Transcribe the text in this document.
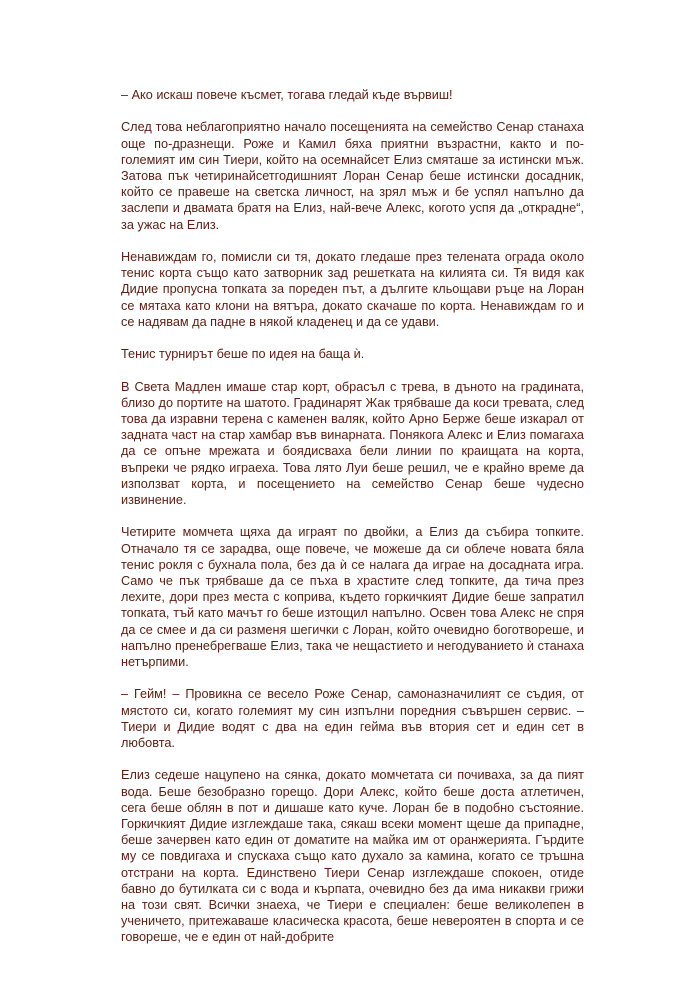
– Ако искаш повече късмет, тогава гледай къде вървиш!

След това неблагоприятно начало посещенията на семейство Сенар станаха още по-дразнещи. Роже и Камил бяха приятни възрастни, както и по-големият им син Тиери, който на осемнайсет Елиз смяташе за истински мъж. Затова пък четиринайсетгодишният Лоран Сенар беше истински досадник, който се правеше на светска личност, на зрял мъж и бе успял напълно да заслепи и двамата братя на Елиз, най-вече Алекс, когото успя да „открадне“, за ужас на Елиз.

Ненавиждам го, помисли си тя, докато гледаше през телената ограда около тенис корта също като затворник зад решетката на килията си. Тя видя как Дидие пропусна топката за пореден път, а дългите кльощави ръце на Лоран се мятаха като клони на вятъра, докато скачаше по корта. Ненавиждам го и се надявам да падне в някой кладенец и да се удави.

Тенис турнирът беше по идея на баща ѝ.

В Света Мадлен имаше стар корт, обрасъл с трева, в дъното на градината, близо до портите на шатото. Градинарят Жак трябваше да коси тревата, след това да изравни терена с каменен валяк, който Арно Берже беше изкарал от задната част на стар хамбар във винарната. Понякога Алекс и Елиз помагаха да се опъне мрежата и боядисваха бели линии по краищата на корта, въпреки че рядко играеха. Това лято Луи беше решил, че е крайно време да използват корта, и посещението на семейство Сенар беше чудесно извинение.

Четирите момчета щяха да играят по двойки, а Елиз да събира топките. Отначало тя се зарадва, още повече, че можеше да си облече новата бяла тенис рокля с бухнала пола, без да ѝ се налага да играе на досадната игра. Само че пък трябваше да се пъха в храстите след топките, да тича през лехите, дори през места с коприва, където горкичкият Дидие беше запратил топката, тъй като мачът го беше изтощил напълно. Освен това Алекс не спря да се смее и да си разменя шегички с Лоран, който очевидно боготвореше, и напълно пренебрегваше Елиз, така че нещастието и негодуванието ѝ станаха нетърпими.

– Гейм! – Провикна се весело Роже Сенар, самоназначилият се съдия, от мястото си, когато големият му син изпълни поредния съвършен сервис. – Тиери и Дидие водят с два на един гейма във втория сет и един сет в любовта.

Елиз седеше нацупено на сянка, докато момчетата си почиваха, за да пият вода. Беше безобразно горещо. Дори Алекс, който беше доста атлетичен, сега беше облян в пот и дишаше като куче. Лоран бе в подобно състояние. Горкичкият Дидие изглеждаше така, сякаш всеки момент щеше да припадне, беше зачервен като един от доматите на майка им от оранжерията. Гърдите му се повдигаха и спускаха също като духало за камина, когато се тръшна отстрани на корта. Единствено Тиери Сенар изглеждаше спокоен, отиде бавно до бутилката си с вода и кърпата, очевидно без да има никакви грижи на този свят. Всички знаеха, че Тиери е специален: беше великолепен в ученичето, притежаваше класическа красота, беше невероятен в спорта и се говореше, че е един от най-добрите
